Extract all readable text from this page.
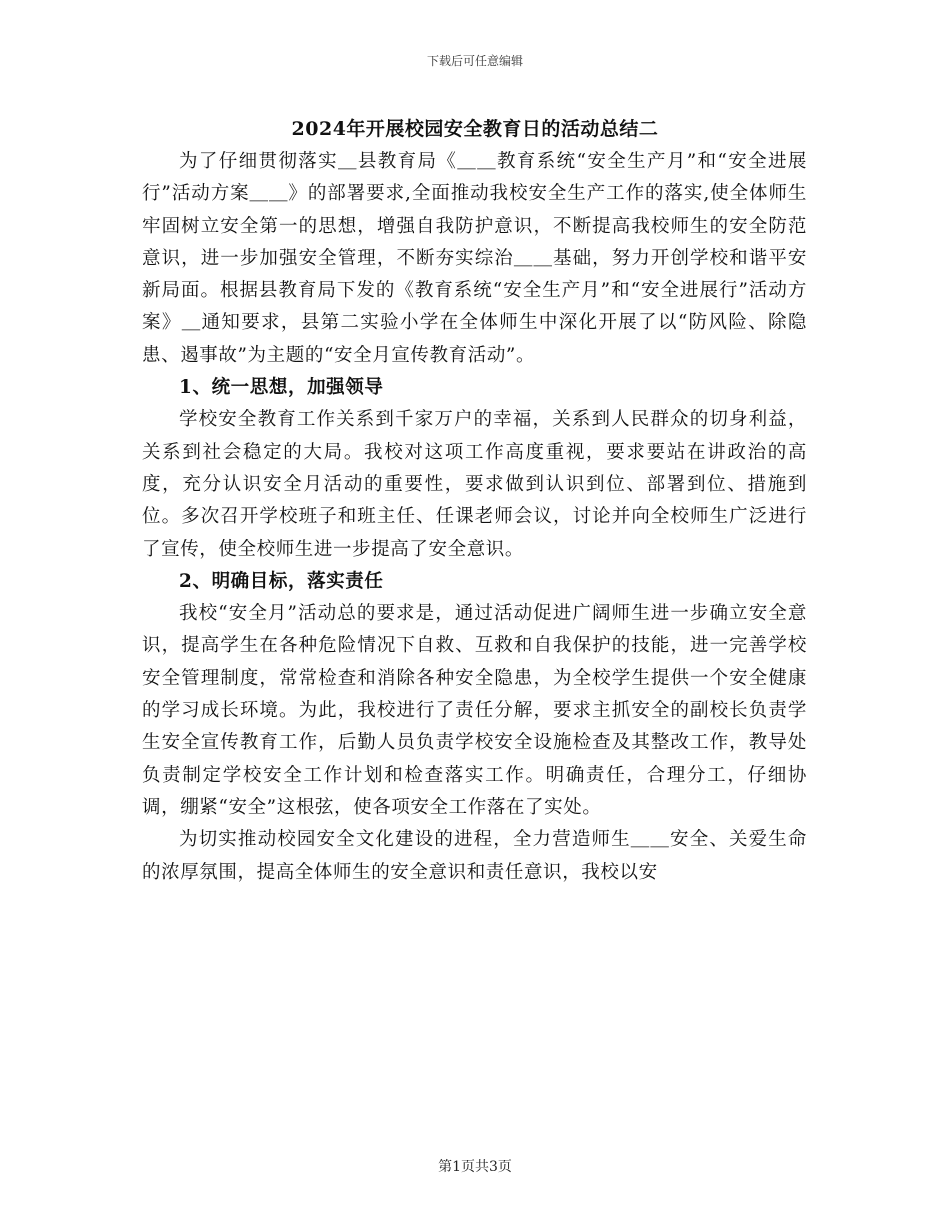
下载后可任意编辑
2024年开展校园安全教育日的活动总结二

为了仔细贯彻落实＿县教育局《＿＿教育系统“安全生产月”和“安全进展行”活动方案＿＿》的部署要求,全面推动我校安全生产工作的落实,使全体师生牢固树立安全第一的思想，增强自我防护意识，不断提高我校师生的安全防范意识，进一步加强安全管理，不断夯实综治＿＿基础，努力开创学校和谐平安新局面。根据县教育局下发的《教育系统“安全生产月”和“安全进展行”活动方案》＿通知要求，县第二实验小学在全体师生中深化开展了以“防风险、除隐患、遏事故”为主题的“安全月宣传教育活动”。

1、统一思想，加强领导

学校安全教育工作关系到千家万户的幸福，关系到人民群众的切身利益，关系到社会稳定的大局。我校对这项工作高度重视，要求要站在讲政治的高度，充分认识安全月活动的重要性，要求做到认识到位、部署到位、措施到位。多次召开学校班子和班主任、任课老师会议，讨论并向全校师生广泛进行了宣传，使全校师生进一步提高了安全意识。

2、明确目标，落实责任

我校“安全月”活动总的要求是，通过活动促进广阔师生进一步确立安全意识，提高学生在各种危险情况下自救、互救和自我保护的技能，进一完善学校安全管理制度，常常检查和消除各种安全隐患，为全校学生提供一个安全健康的学习成长环境。为此，我校进行了责任分解，要求主抓安全的副校长负责学生安全宣传教育工作，后勤人员负责学校安全设施检查及其整改工作，教导处负责制定学校安全工作计划和检查落实工作。明确责任，合理分工，仔细协调，绷紧“安全”这根弦，使各项安全工作落在了实处。

为切实推动校园安全文化建设的进程，全力营造师生＿＿安全、关爱生命的浓厚氛围，提高全体师生的安全意识和责任意识，我校以安

第1页共3页
